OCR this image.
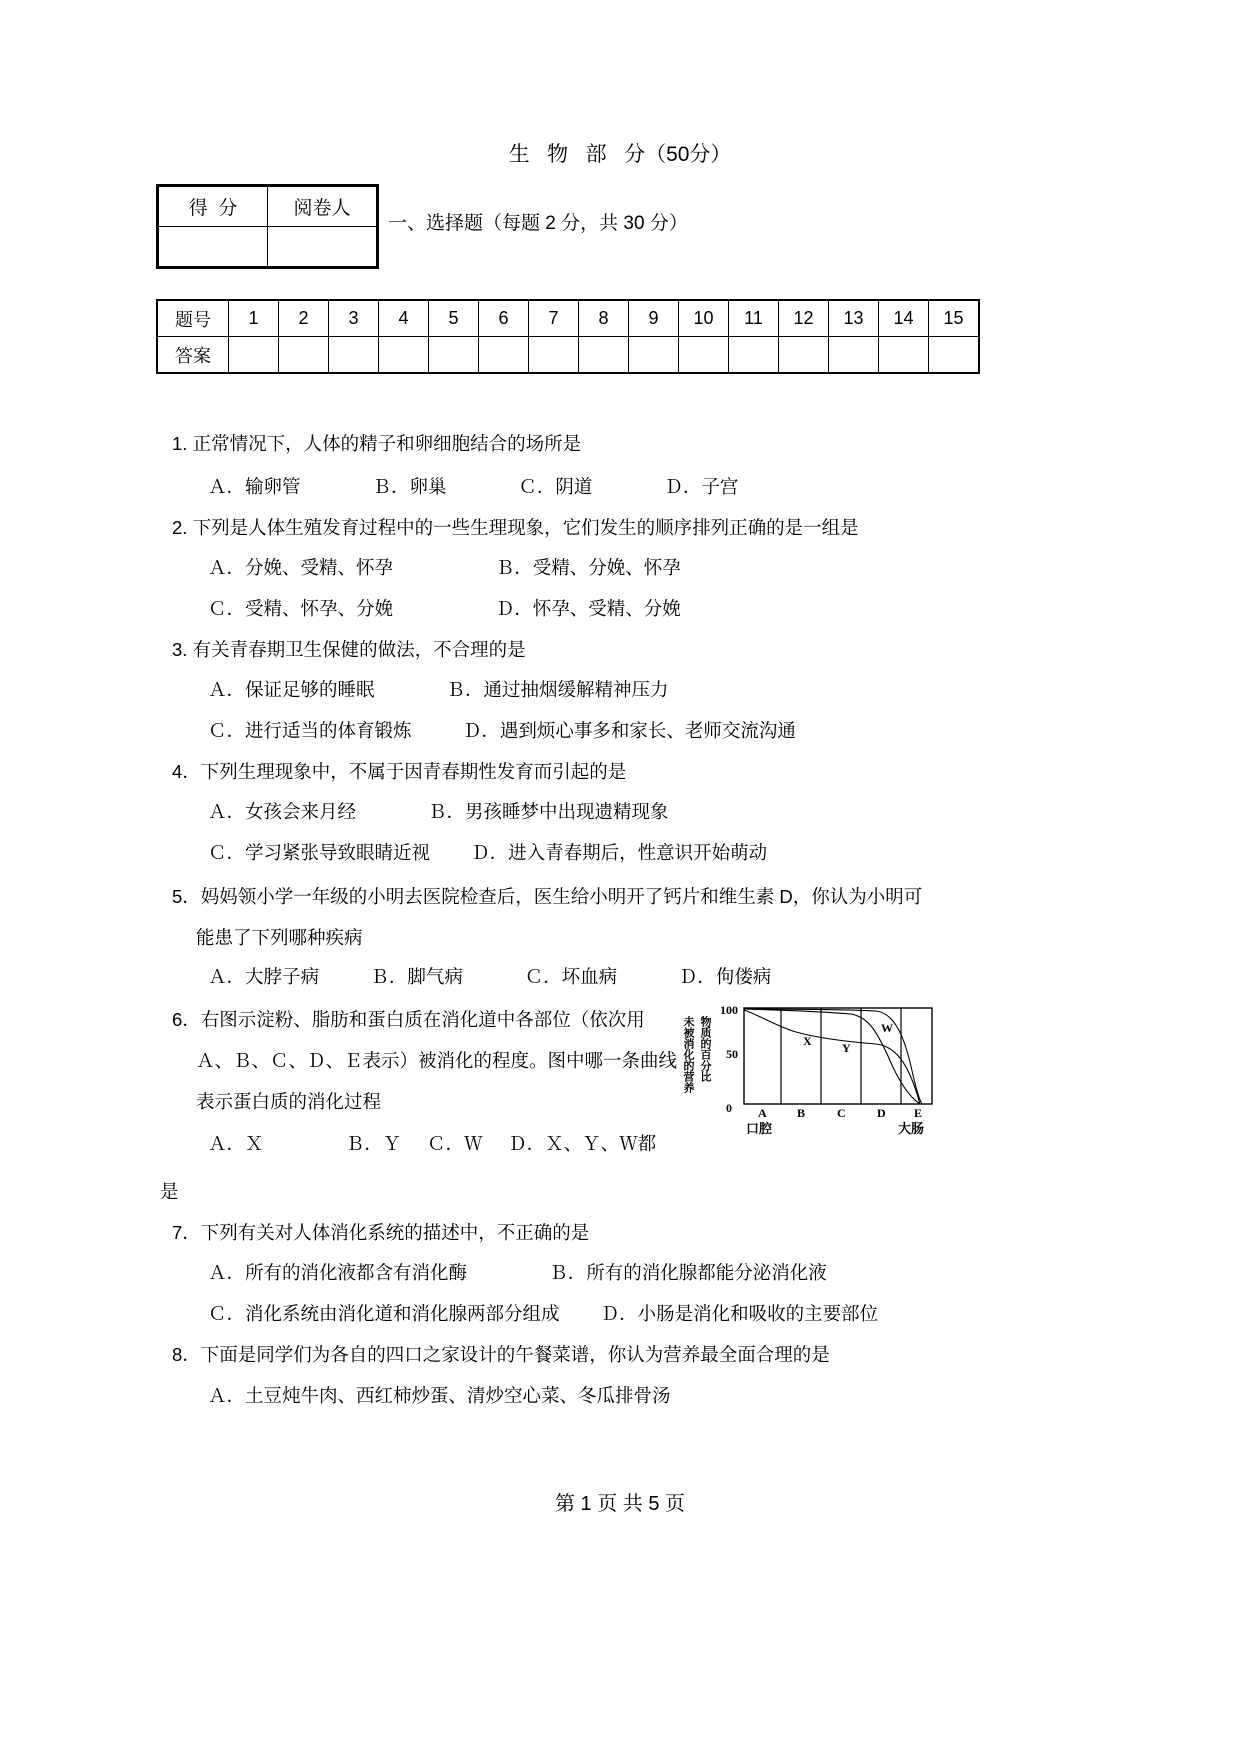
生   物   部   分（50分）
得  分	阅卷人

一、选择题（每题 2 分，共 30 分）
题号	1	2	3	4	5	6	7	8	9	10	11	12	13	14	15
答案															
1. 正常情况下，人体的精子和卵细胞结合的场所是
Ａ．输卵管              Ｂ．卵巢              Ｃ．阴道              Ｄ．子宫
2. 下列是人体生殖发育过程中的一些生理现象，它们发生的顺序排列正确的是一组是
Ａ．分娩、受精、怀孕                    Ｂ．受精、分娩、怀孕
Ｃ．受精、怀孕、分娩                    Ｄ．怀孕、受精、分娩
3. 有关青春期卫生保健的做法，不合理的是
Ａ．保证足够的睡眠              Ｂ．通过抽烟缓解精神压力
Ｃ．进行适当的体育锻炼          Ｄ．遇到烦心事多和家长、老师交流沟通
4．下列生理现象中，不属于因青春期性发育而引起的是
Ａ．女孩会来月经              Ｂ．男孩睡梦中出现遗精现象
Ｃ．学习紧张导致眼睛近视        Ｄ．进入青春期后，性意识开始萌动
5．妈妈领小学一年级的小明去医院检查后，医生给小明开了钙片和维生素 D，你认为小明可
能患了下列哪种疾病
Ａ．大脖子病          Ｂ．脚气病            Ｃ．坏血病            Ｄ．佝偻病
6．右图示淀粉、脂肪和蛋白质在消化道中各部位（依次用
Ａ、Ｂ、Ｃ、Ｄ、Ｅ表示）被消化的程度。图中哪一条曲线
表示蛋白质的消化过程
Ａ．Ｘ                Ｂ．Ｙ     Ｃ．Ｗ     Ｄ．Ｘ、Ｙ、Ｗ都
是
未被消化的营养 物质的百分比
100
50
0
X	Y
W
A	B	C	D E
口腔	大肠
7．下列有关对人体消化系统的描述中，不正确的是
Ａ．所有的消化液都含有消化酶                Ｂ．所有的消化腺都能分泌消化液
Ｃ．消化系统由消化道和消化腺两部分组成        Ｄ．小肠是消化和吸收的主要部位
8．下面是同学们为各自的四口之家设计的午餐菜谱，你认为营养最全面合理的是
Ａ．土豆炖牛肉、西红柿炒蛋、清炒空心菜、冬瓜排骨汤
第 1 页 共 5 页
